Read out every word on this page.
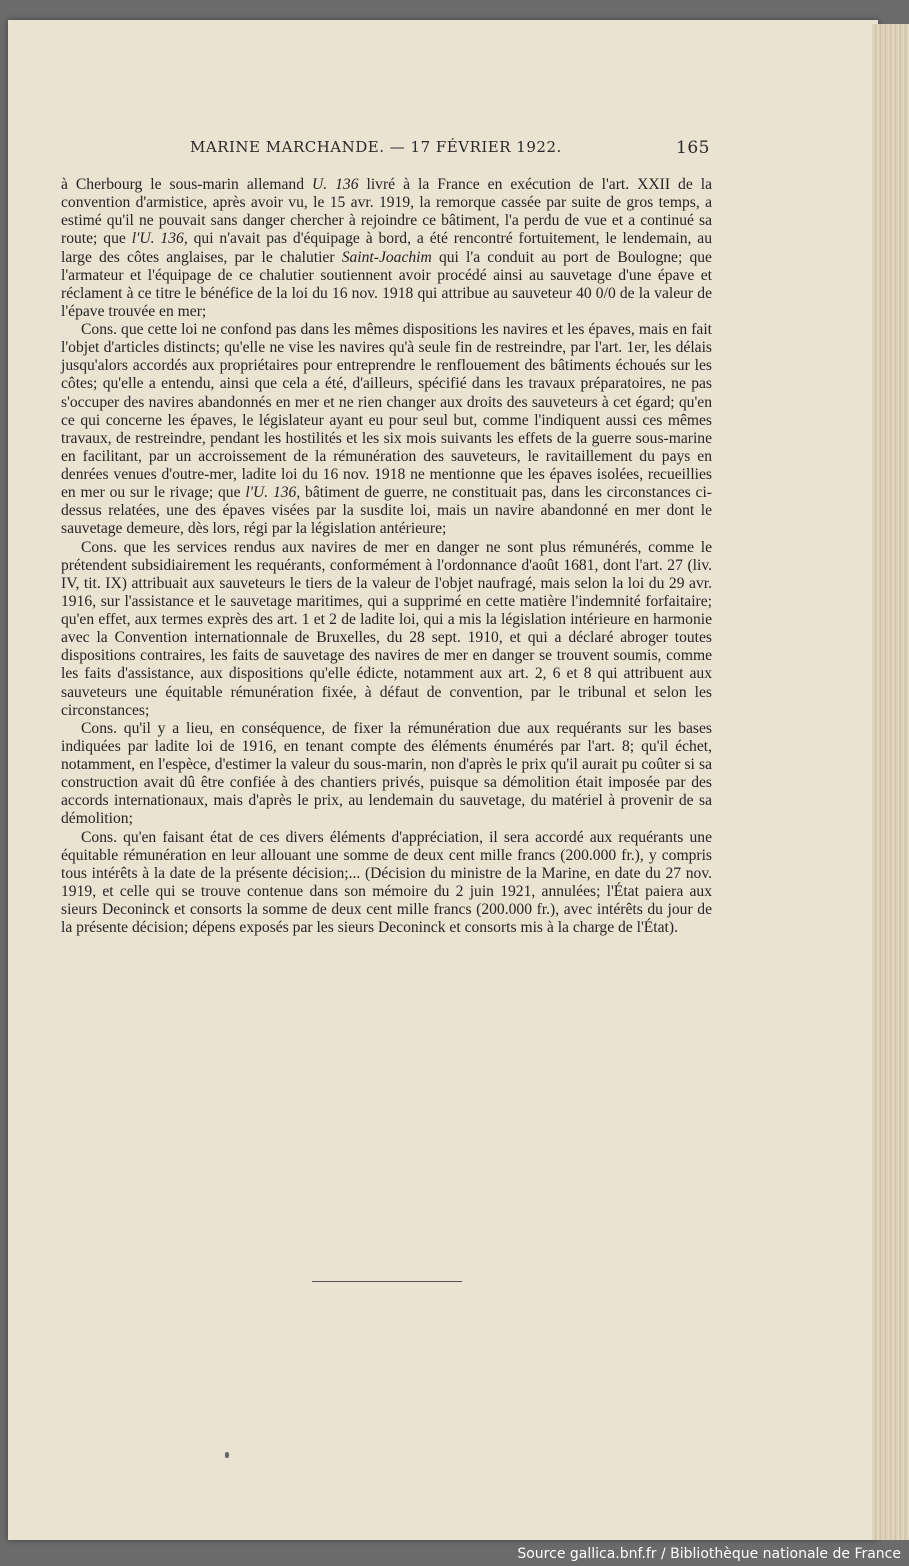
MARINE MARCHANDE. — 17 FÉVRIER 1922.	165

à Cherbourg le sous-marin allemand U. 136 livré à la France en exécution de l'art. XXII de la convention d'armistice, après avoir vu, le 15 avr. 1919, la remorque cassée par suite de gros temps, a estimé qu'il ne pouvait sans danger chercher à rejoindre ce bâtiment, l'a perdu de vue et a continué sa route; que l'U. 136, qui n'avait pas d'équipage à bord, a été rencontré fortuitement, le lendemain, au large des côtes anglaises, par le chalutier Saint-Joachim qui l'a conduit au port de Boulogne; que l'armateur et l'équipage de ce chalutier soutiennent avoir procédé ainsi au sauvetage d'une épave et réclament à ce titre le bénéfice de la loi du 16 nov. 1918 qui attribue au sauveteur 40 0/0 de la valeur de l'épave trouvée en mer;

Cons. que cette loi ne confond pas dans les mêmes dispositions les navires et les épaves, mais en fait l'objet d'articles distincts; qu'elle ne vise les navires qu'à seule fin de restreindre, par l'art. 1er, les délais jusqu'alors accordés aux propriétaires pour entreprendre le renflouement des bâtiments échoués sur les côtes; qu'elle a entendu, ainsi que cela a été, d'ailleurs, spécifié dans les travaux préparatoires, ne pas s'occuper des navires abandonnés en mer et ne rien changer aux droits des sauveteurs à cet égard; qu'en ce qui concerne les épaves, le législateur ayant eu pour seul but, comme l'indiquent aussi ces mêmes travaux, de restreindre, pendant les hostilités et les six mois suivants les effets de la guerre sous-marine en facilitant, par un accroissement de la rémunération des sauveteurs, le ravitaillement du pays en denrées venues d'outre-mer, ladite loi du 16 nov. 1918 ne mentionne que les épaves isolées, recueillies en mer ou sur le rivage; que l'U. 136, bâtiment de guerre, ne constituait pas, dans les circonstances ci-dessus relatées, une des épaves visées par la susdite loi, mais un navire abandonné en mer dont le sauvetage demeure, dès lors, régi par la législation antérieure;

Cons. que les services rendus aux navires de mer en danger ne sont plus rémunérés, comme le prétendent subsidiairement les requérants, conformément à l'ordonnance d'août 1681, dont l'art. 27 (liv. IV, tit. IX) attribuait aux sauveteurs le tiers de la valeur de l'objet naufragé, mais selon la loi du 29 avr. 1916, sur l'assistance et le sauvetage maritimes, qui a supprimé en cette matière l'indemnité forfaitaire; qu'en effet, aux termes exprès des art. 1 et 2 de ladite loi, qui a mis la législation intérieure en harmonie avec la Convention internationnale de Bruxelles, du 28 sept. 1910, et qui a déclaré abroger toutes dispositions contraires, les faits de sauvetage des navires de mer en danger se trouvent soumis, comme les faits d'assistance, aux dispositions qu'elle édicte, notamment aux art. 2, 6 et 8 qui attribuent aux sauveteurs une équitable rémunération fixée, à défaut de convention, par le tribunal et selon les circonstances;

Cons. qu'il y a lieu, en conséquence, de fixer la rémunération due aux requérants sur les bases indiquées par ladite loi de 1916, en tenant compte des éléments énumérés par l'art. 8; qu'il échet, notamment, en l'espèce, d'estimer la valeur du sous-marin, non d'après le prix qu'il aurait pu coûter si sa construction avait dû être confiée à des chantiers privés, puisque sa démolition était imposée par des accords internationaux, mais d'après le prix, au lendemain du sauvetage, du matériel à provenir de sa démolition;

Cons. qu'en faisant état de ces divers éléments d'appréciation, il sera accordé aux requérants une équitable rémunération en leur allouant une somme de deux cent mille francs (200.000 fr.), y compris tous intérêts à la date de la présente décision;... (Décision du ministre de la Marine, en date du 27 nov. 1919, et celle qui se trouve contenue dans son mémoire du 2 juin 1921, annulées; l'État paiera aux sieurs Deconinck et consorts la somme de deux cent mille francs (200.000 fr.), avec intérêts du jour de la présente décision; dépens exposés par les sieurs Deconinck et consorts mis à la charge de l'État).

Source gallica.bnf.fr / Bibliothèque nationale de France
